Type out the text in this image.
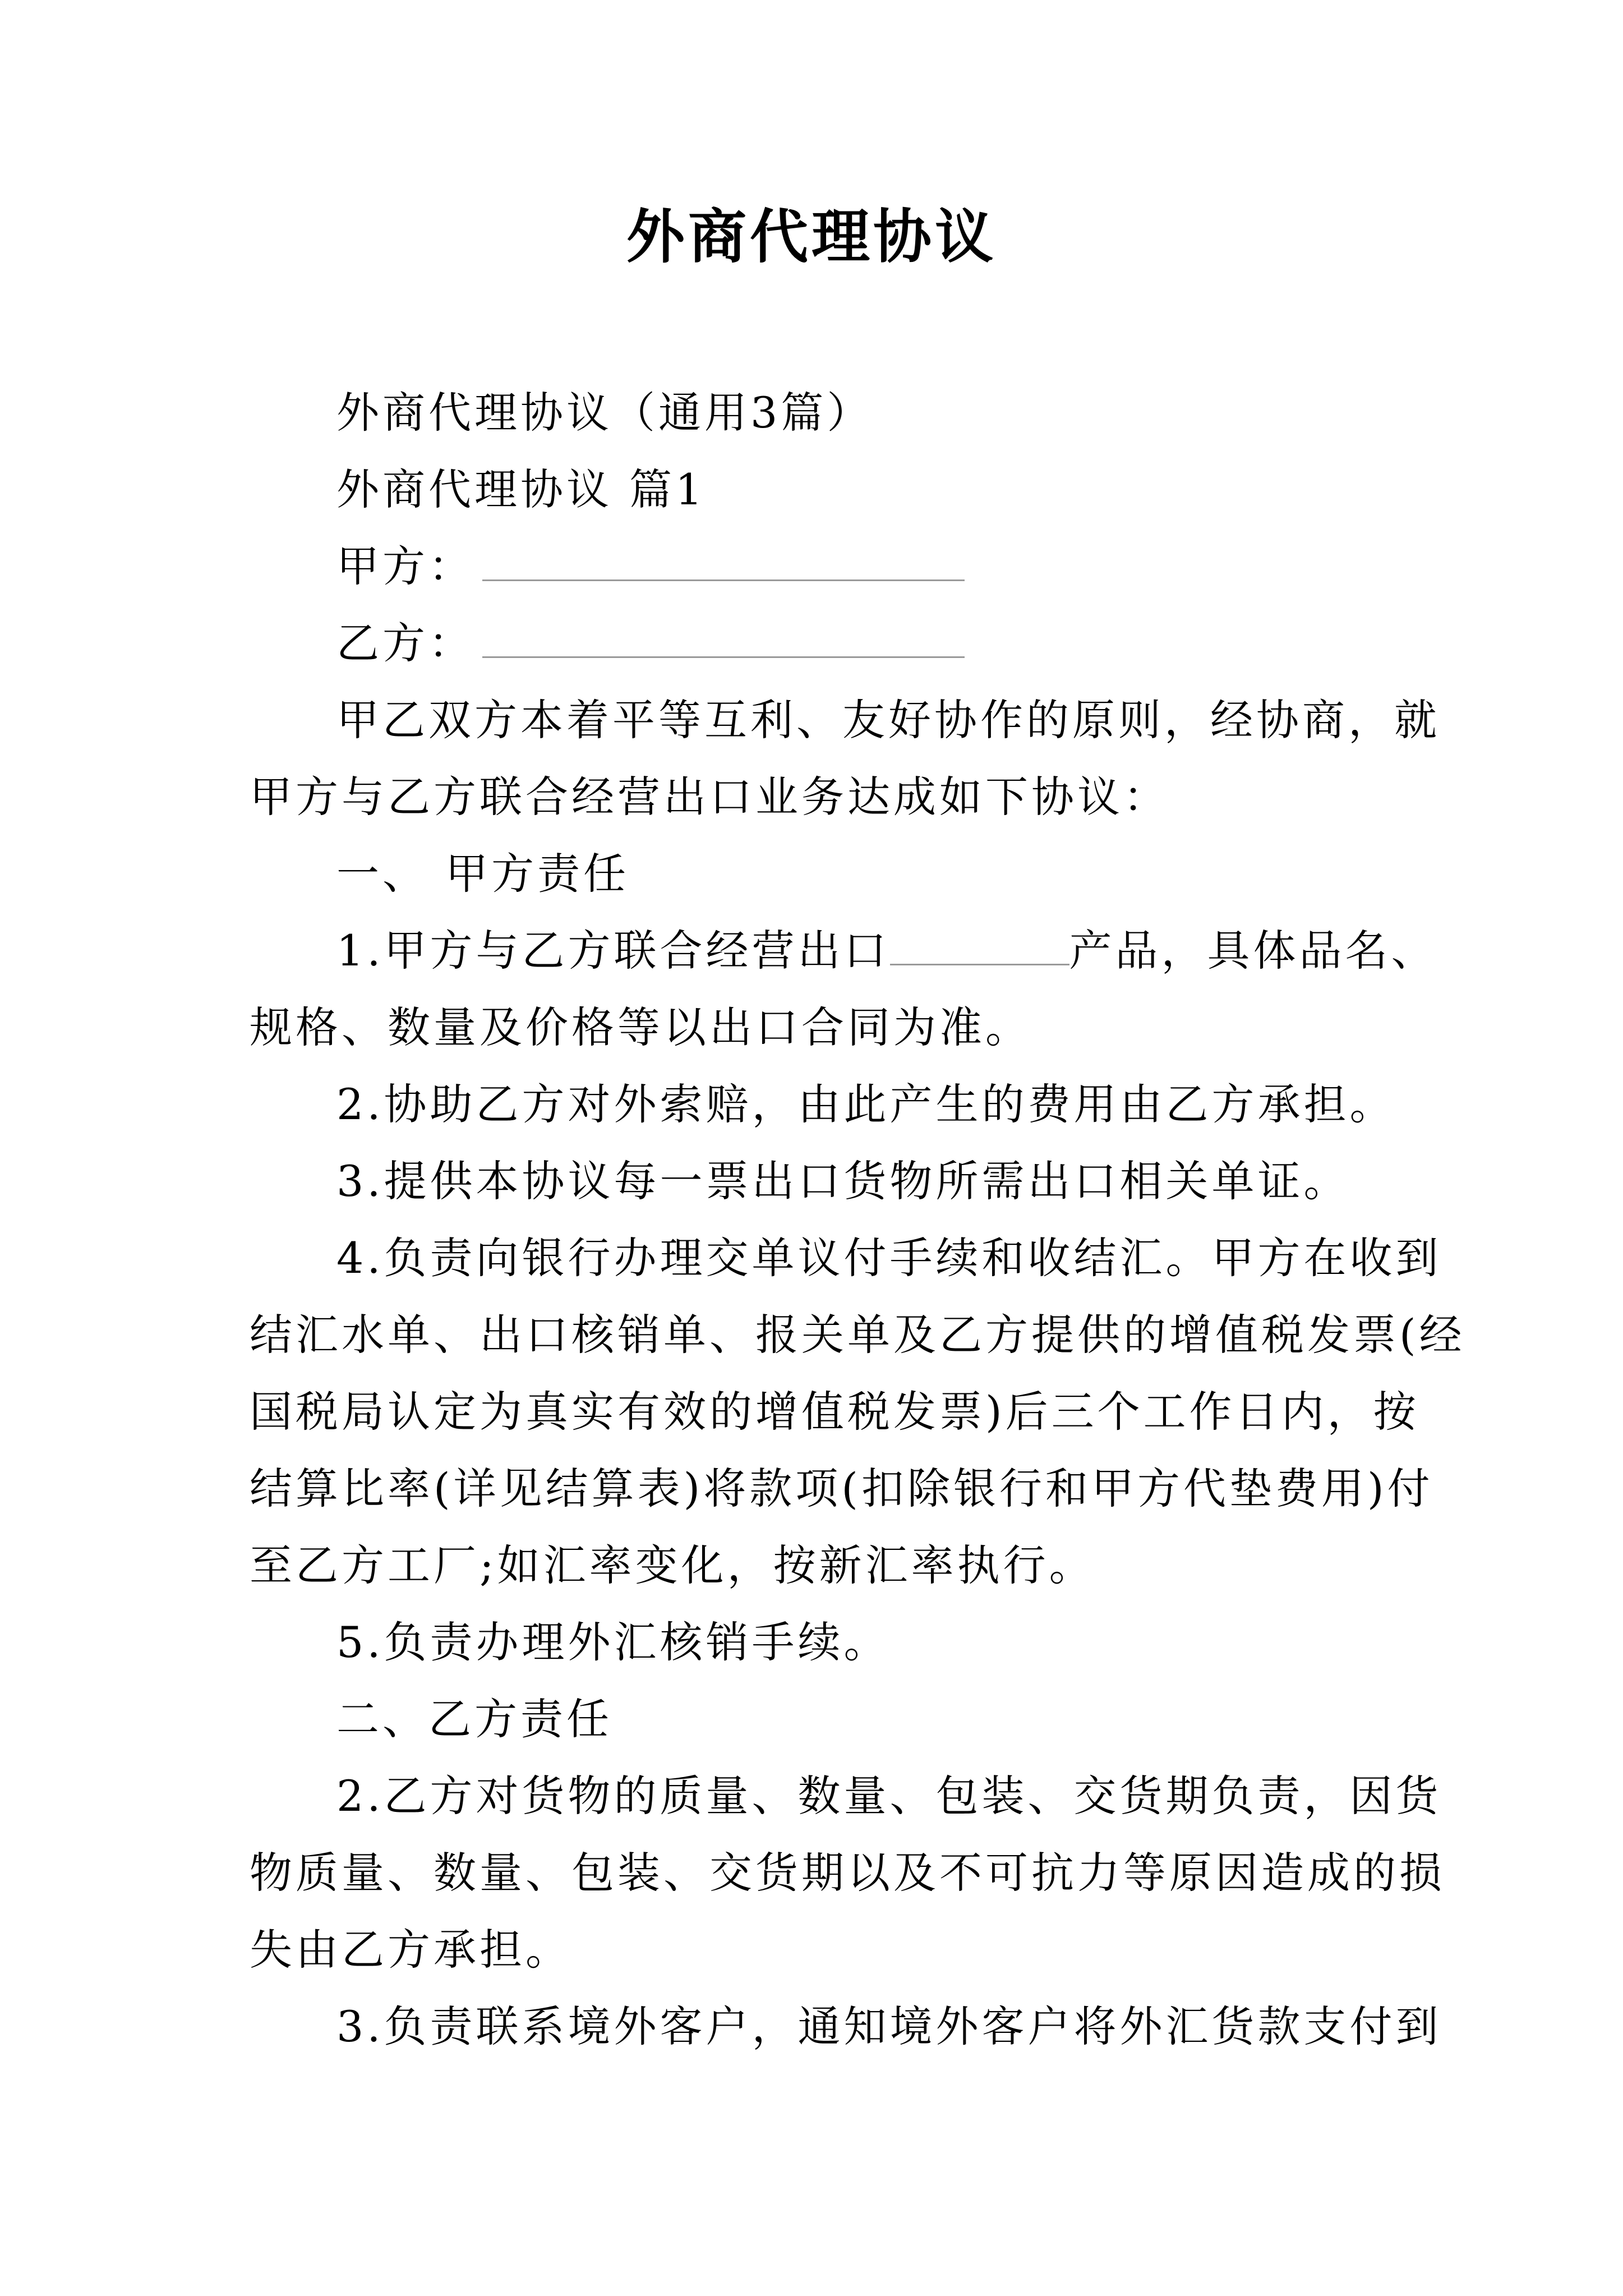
外商代理协议
外商代理协议（通用3篇）
外商代理协议 篇1
甲方：
乙方：
甲乙双方本着平等互利、友好协作的原则，经协商，就
甲方与乙方联合经营出口业务达成如下协议：
一、 甲方责任
1.甲方与乙方联合经营出口	产品，具体品名、
规格、数量及价格等以出口合同为准。
2.协助乙方对外索赔，由此产生的费用由乙方承担。
3.提供本协议每一票出口货物所需出口相关单证。
4.负责向银行办理交单议付手续和收结汇。甲方在收到
结汇水单、出口核销单、报关单及乙方提供的增值税发票(经
国税局认定为真实有效的增值税发票)后三个工作日内，按
结算比率(详见结算表)将款项(扣除银行和甲方代垫费用)付
至乙方工厂;如汇率变化，按新汇率执行。
5.负责办理外汇核销手续。
二、乙方责任
2.乙方对货物的质量、数量、包装、交货期负责，因货
物质量、数量、包装、交货期以及不可抗力等原因造成的损
失由乙方承担。
3.负责联系境外客户，通知境外客户将外汇货款支付到
